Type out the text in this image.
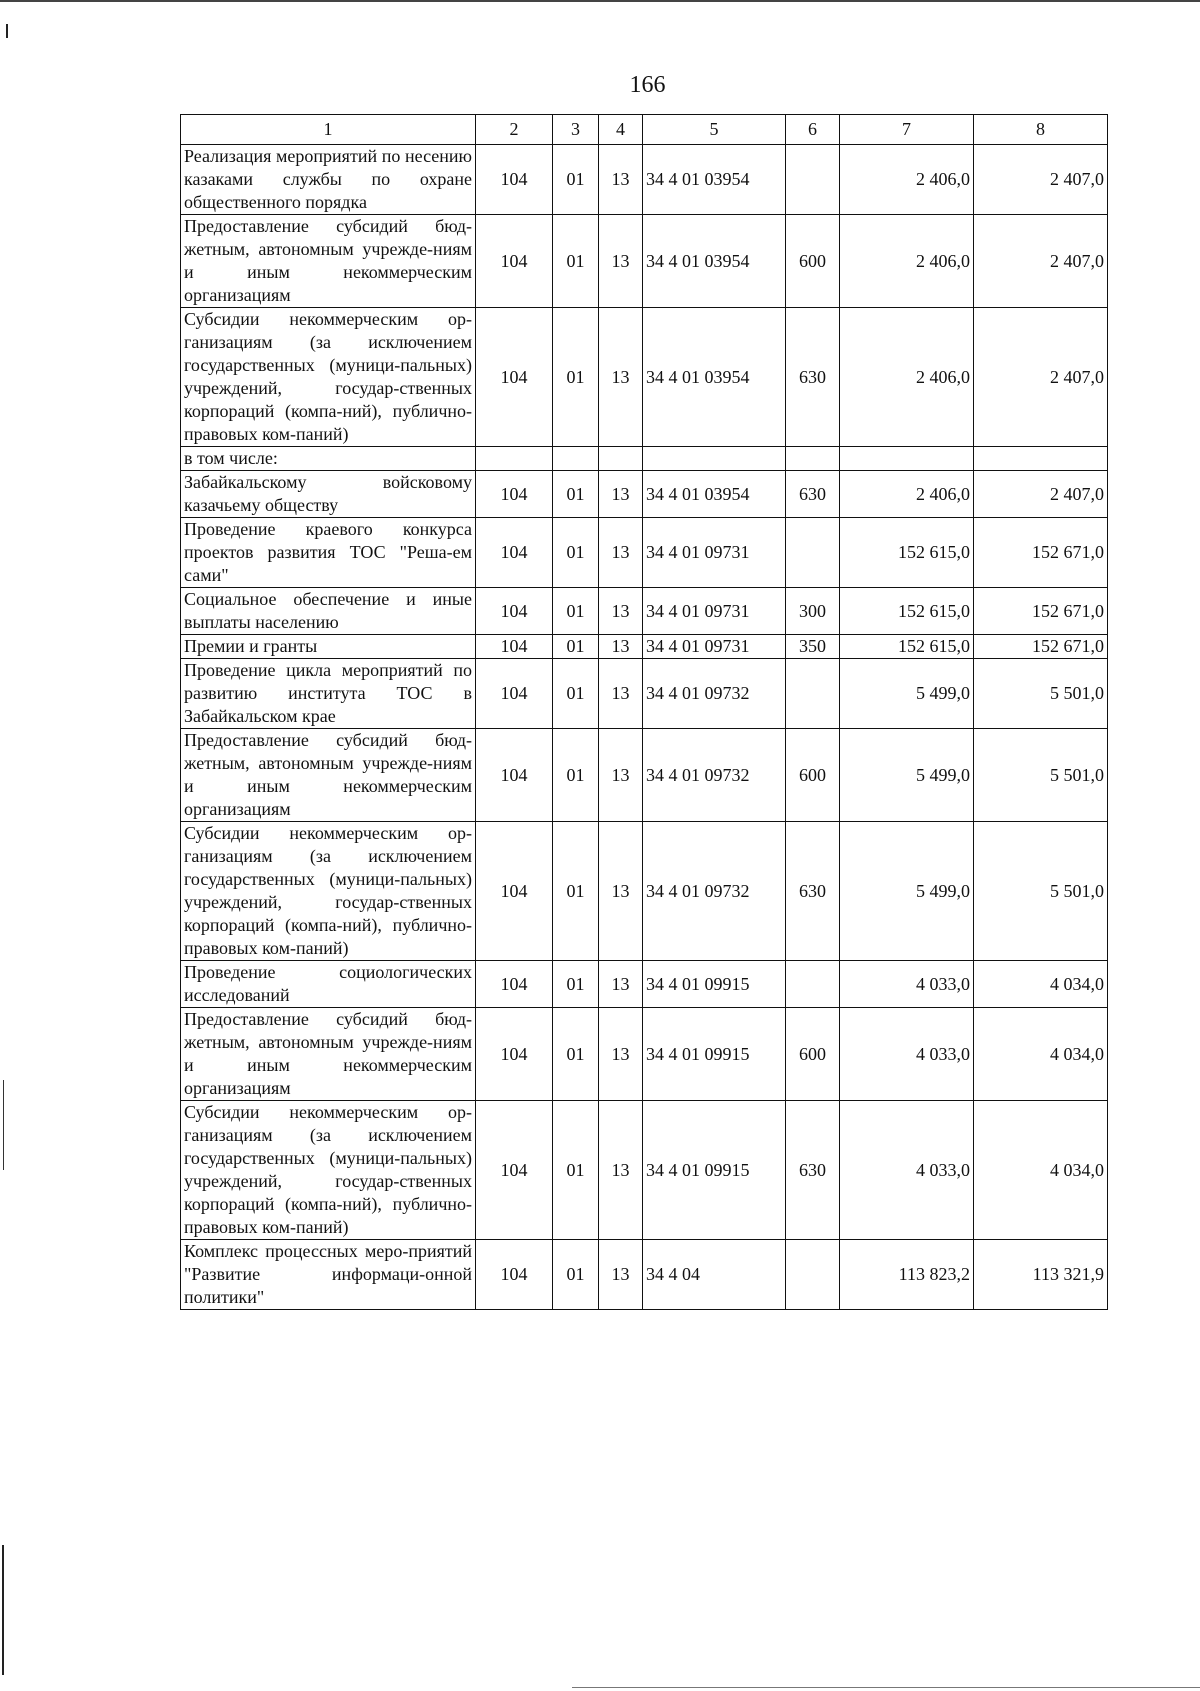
166
1	2	3	4	5	6	7	8
Реализация мероприятий по несению казаками службы по охране общественного порядка	104	01	13	34 4 01 03954		2 406,0	2 407,0
Предоставление субсидий бюд-жетным, автономным учрежде-ниям и иным некоммерческим организациям	104	01	13	34 4 01 03954	600	2 406,0	2 407,0
Субсидии некоммерческим ор-ганизациям (за исключением государственных (муници-пальных) учреждений, государ-ственных корпораций (компа-ний), публично-правовых ком-паний)	104	01	13	34 4 01 03954	630	2 406,0	2 407,0
в том числе:							
Забайкальскому войсковому казачьему обществу	104	01	13	34 4 01 03954	630	2 406,0	2 407,0
Проведение краевого конкурса проектов развития ТОС "Реша-ем сами"	104	01	13	34 4 01 09731		152 615,0	152 671,0
Социальное обеспечение и иные выплаты населению	104	01	13	34 4 01 09731	300	152 615,0	152 671,0
Премии и гранты	104	01	13	34 4 01 09731	350	152 615,0	152 671,0
Проведение цикла мероприятий по развитию института ТОС в Забайкальском крае	104	01	13	34 4 01 09732		5 499,0	5 501,0
Предоставление субсидий бюд-жетным, автономным учрежде-ниям и иным некоммерческим организациям	104	01	13	34 4 01 09732	600	5 499,0	5 501,0
Субсидии некоммерческим ор-ганизациям (за исключением государственных (муници-пальных) учреждений, государ-ственных корпораций (компа-ний), публично-правовых ком-паний)	104	01	13	34 4 01 09732	630	5 499,0	5 501,0
Проведение социологических исследований	104	01	13	34 4 01 09915		4 033,0	4 034,0
Предоставление субсидий бюд-жетным, автономным учрежде-ниям и иным некоммерческим организациям	104	01	13	34 4 01 09915	600	4 033,0	4 034,0
Субсидии некоммерческим ор-ганизациям (за исключением государственных (муници-пальных) учреждений, государ-ственных корпораций (компа-ний), публично-правовых ком-паний)	104	01	13	34 4 01 09915	630	4 033,0	4 034,0
Комплекс процессных меро-приятий "Развитие информаци-онной политики"	104	01	13	34 4 04		113 823,2	113 321,9
